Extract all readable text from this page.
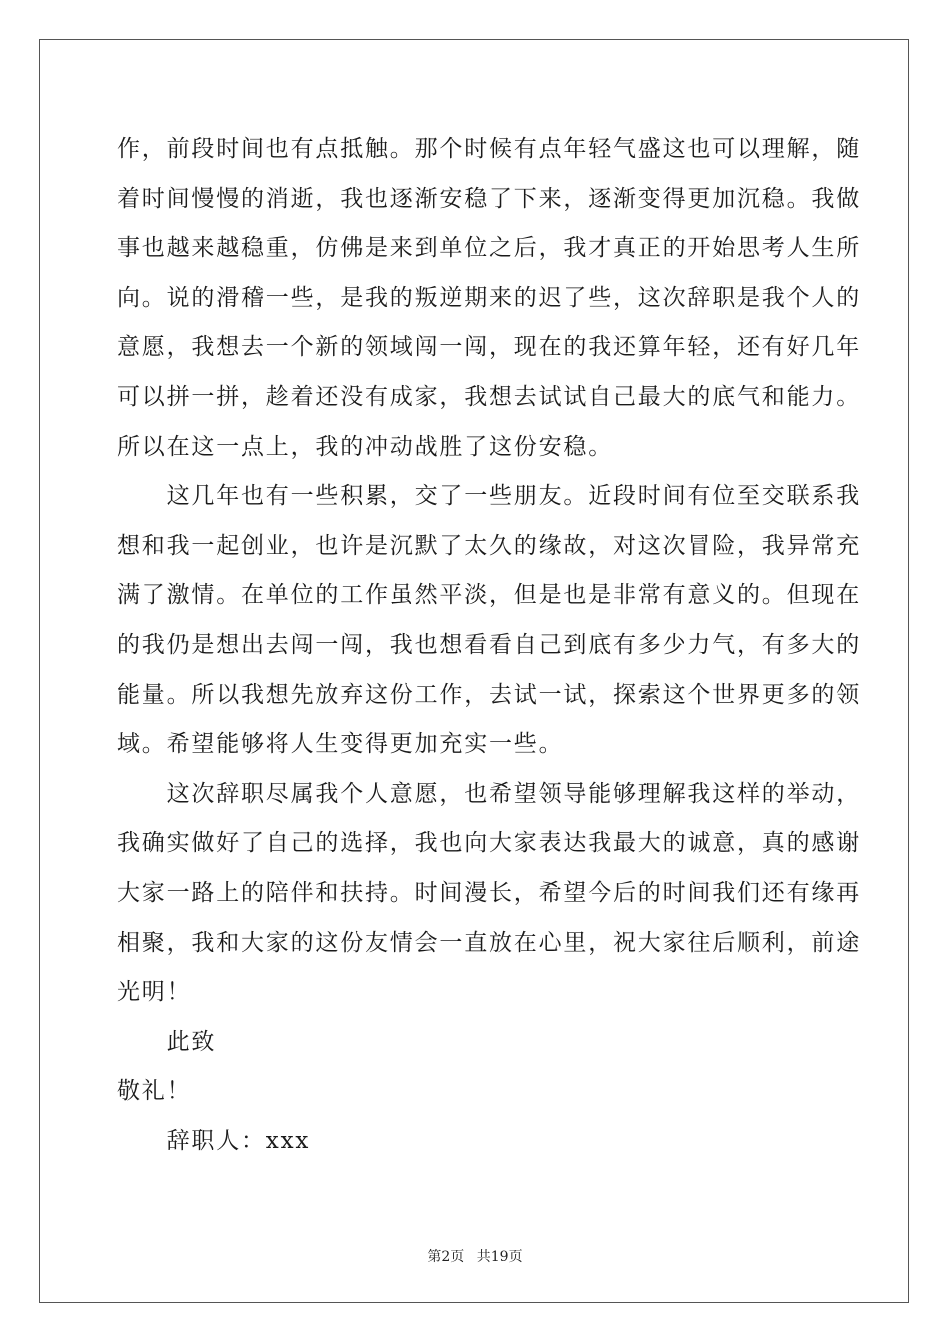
作，前段时间也有点抵触。那个时候有点年轻气盛这也可以理解，随
着时间慢慢的消逝，我也逐渐安稳了下来，逐渐变得更加沉稳。我做
事也越来越稳重，仿佛是来到单位之后，我才真正的开始思考人生所
向。说的滑稽一些，是我的叛逆期来的迟了些，这次辞职是我个人的
意愿，我想去一个新的领域闯一闯，现在的我还算年轻，还有好几年
可以拼一拼，趁着还没有成家，我想去试试自己最大的底气和能力。
所以在这一点上，我的冲动战胜了这份安稳。
　　这几年也有一些积累，交了一些朋友。近段时间有位至交联系我
想和我一起创业，也许是沉默了太久的缘故，对这次冒险，我异常充
满了激情。在单位的工作虽然平淡，但是也是非常有意义的。但现在
的我仍是想出去闯一闯，我也想看看自己到底有多少力气，有多大的
能量。所以我想先放弃这份工作，去试一试，探索这个世界更多的领
域。希望能够将人生变得更加充实一些。
　　这次辞职尽属我个人意愿，也希望领导能够理解我这样的举动，
我确实做好了自己的选择，我也向大家表达我最大的诚意，真的感谢
大家一路上的陪伴和扶持。时间漫长，希望今后的时间我们还有缘再
相聚，我和大家的这份友情会一直放在心里，祝大家往后顺利，前途
光明！
　　此致
敬礼！
　　辞职人：xxx
第2页 共19页
